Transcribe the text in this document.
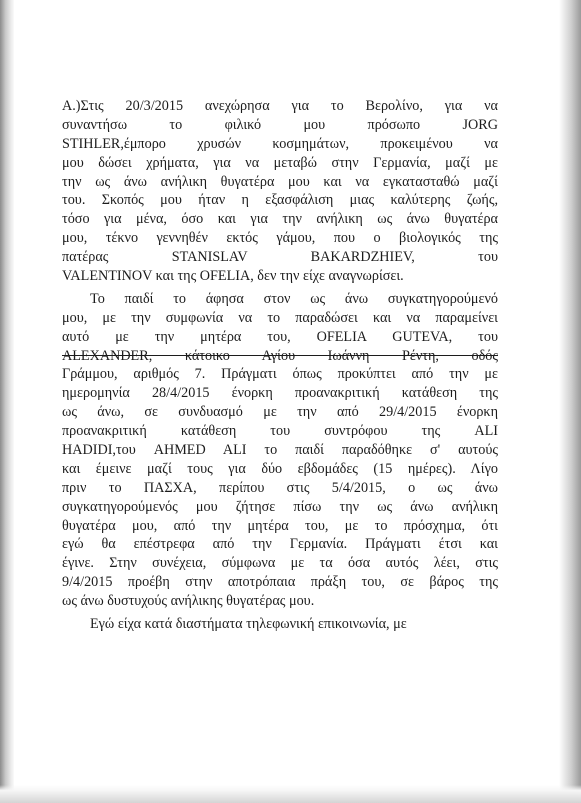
Α.)Στις 20/3/2015 ανεχώρησα για το Βερολίνο, για να
συναντήσω το φιλικό μου πρόσωπο JORG
STIHLER,έμπορο χρυσών κοσμημάτων, προκειμένου να
μου δώσει χρήματα, για να μεταβώ στην Γερμανία, μαζί με
την ως άνω ανήλικη θυγατέρα μου και να εγκατασταθώ μαζί
του. Σκοπός μου ήταν η εξασφάλιση μιας καλύτερης ζωής,
τόσο για μένα, όσο και για την ανήλικη ως άνω θυγατέρα
μου, τέκνο γεννηθέν εκτός γάμου, που ο βιολογικός της
πατέρας STANISLAV BAKARDZHIEV, του
VALENTINOV και της OFELIA, δεν την είχε αναγνωρίσει.
Το παιδί το άφησα στον ως άνω συγκατηγορούμενό
μου, με την συμφωνία να το παραδώσει και να παραμείνει
αυτό με την μητέρα του, OFELIA GUTEVA, του
ALEXANDER, κάτοικο Αγίου Ιωάννη Ρέντη, οδός
Γράμμου, αριθμός 7. Πράγματι όπως προκύπτει από την με
ημερομηνία 28/4/2015 ένορκη προανακριτική κατάθεση της
ως άνω, σε συνδυασμό με την από 29/4/2015 ένορκη
προανακριτική κατάθεση του συντρόφου της ALI
HADIDI,του AHMED ALI το παιδί παραδόθηκε σ' αυτούς
και έμεινε μαζί τους για δύο εβδομάδες (15 ημέρες). Λίγο
πριν το ΠΑΣΧΑ, περίπου στις 5/4/2015, ο ως άνω
συγκατηγορούμενός μου ζήτησε πίσω την ως άνω ανήλικη
θυγατέρα μου, από την μητέρα του, με το πρόσχημα, ότι
εγώ θα επέστρεφα από την Γερμανία. Πράγματι έτσι και
έγινε. Στην συνέχεια, σύμφωνα με τα όσα αυτός λέει, στις
9/4/2015 προέβη στην αποτρόπαια πράξη του, σε βάρος της
ως άνω δυστυχούς ανήλικης θυγατέρας μου.
Εγώ είχα κατά διαστήματα τηλεφωνική επικοινωνία, με
